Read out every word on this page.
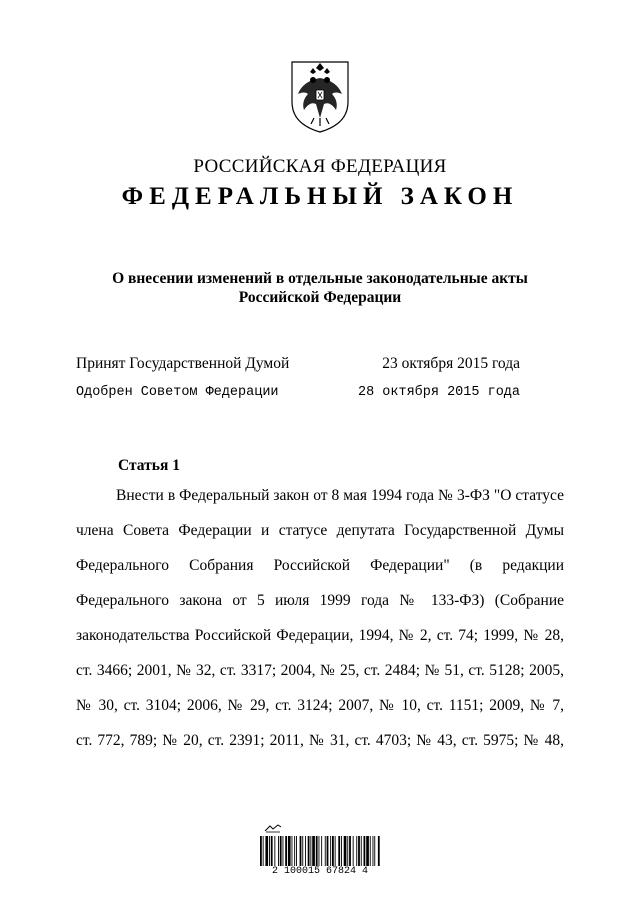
РОССИЙСКАЯ ФЕДЕРАЦИЯ
ФЕДЕРАЛЬНЫЙ ЗАКОН
О внесении изменений в отдельные законодательные акты
Российской Федерации
Принят Государственной Думой	23 октября 2015 года
Одобрен Советом Федерации	28 октября 2015 года
Статья 1
Внести в Федеральный закон от 8 мая 1994 года № 3-ФЗ "О статусе
члена Совета Федерации и статусе депутата Государственной Думы
Федерального Собрания Российской Федерации" (в редакции
Федерального закона от 5 июля 1999 года № 133-ФЗ) (Собрание
законодательства Российской Федерации, 1994, № 2, ст. 74; 1999, № 28,
ст. 3466; 2001, № 32, ст. 3317; 2004, № 25, ст. 2484; № 51, ст. 5128; 2005,
№ 30, ст. 3104; 2006, № 29, ст. 3124; 2007, № 10, ст. 1151; 2009, № 7,
ст. 772, 789; № 20, ст. 2391; 2011, № 31, ст. 4703; № 43, ст. 5975; № 48,
2 100015 67824 4
